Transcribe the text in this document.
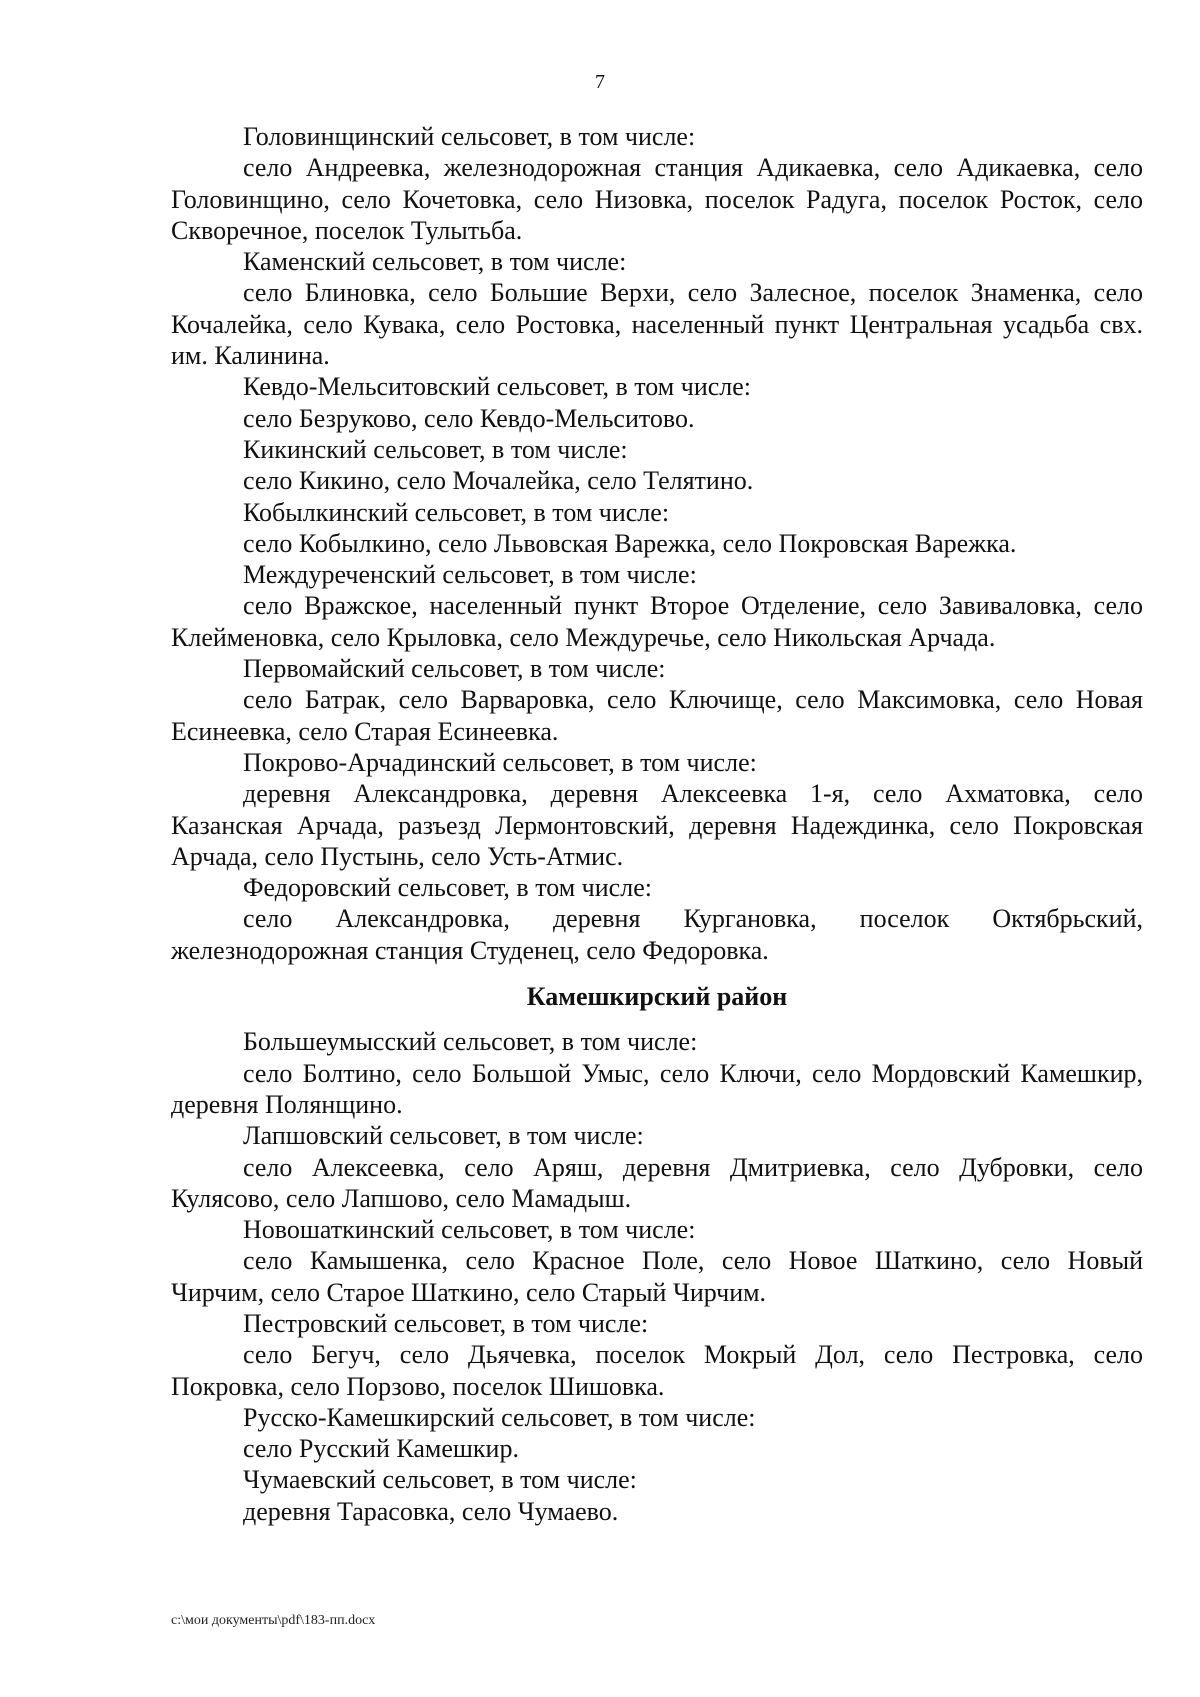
7

Головинщинский сельсовет, в том числе:

село Андреевка, железнодорожная станция Адикаевка, село Адикаевка, село Головинщино, село Кочетовка, село Низовка, поселок Радуга, поселок Росток, село Скворечное, поселок Тулытьба.

Каменский сельсовет, в том числе:

село Блиновка, село Большие Верхи, село Залесное, поселок Знаменка, село Кочалейка, село Кувака, село Ростовка, населенный пункт Центральная усадьба свх. им. Калинина.

Кевдо-Мельситовский сельсовет, в том числе:

село Безруково, село Кевдо-Мельситово.

Кикинский сельсовет, в том числе:

село Кикино, село Мочалейка, село Телятино.

Кобылкинский сельсовет, в том числе:

село Кобылкино, село Львовская Варежка, село Покровская Варежка.

Междуреченский сельсовет, в том числе:

село Вражское, населенный пункт Второе Отделение, село Завиваловка, село Клейменовка, село Крыловка, село Междуречье, село Никольская Арчада.

Первомайский сельсовет, в том числе:

село Батрак, село Варваровка, село Ключище, село Максимовка, село Новая Есинеевка, село Старая Есинеевка.

Покрово-Арчадинский сельсовет, в том числе:

деревня Александровка, деревня Алексеевка 1-я, село Ахматовка, село Казанская Арчада, разъезд Лермонтовский, деревня Надеждинка, село Покровская Арчада, село Пустынь, село Усть-Атмис.

Федоровский сельсовет, в том числе:

село Александровка, деревня Кургановка, поселок Октябрьский, железнодорожная станция Студенец, село Федоровка.

Камешкирский район

Большеумысский сельсовет, в том числе:

село Болтино, село Большой Умыс, село Ключи, село Мордовский Камешкир, деревня Полянщино.

Лапшовский сельсовет, в том числе:

село Алексеевка, село Аряш, деревня Дмитриевка, село Дубровки, село Кулясово, село Лапшово, село Мамадыш.

Новошаткинский сельсовет, в том числе:

село Камышенка, село Красное Поле, село Новое Шаткино, село Новый Чирчим, село Старое Шаткино, село Старый Чирчим.

Пестровский сельсовет, в том числе:

село Бегуч, село Дьячевка, поселок Мокрый Дол, село Пестровка, село Покровка, село Порзово, поселок Шишовка.

Русско-Камешкирский сельсовет, в том числе:

село Русский Камешкир.

Чумаевский сельсовет, в том числе:

деревня Тарасовка, село Чумаево.

c:\мои документы\pdf\183-пп.docx
